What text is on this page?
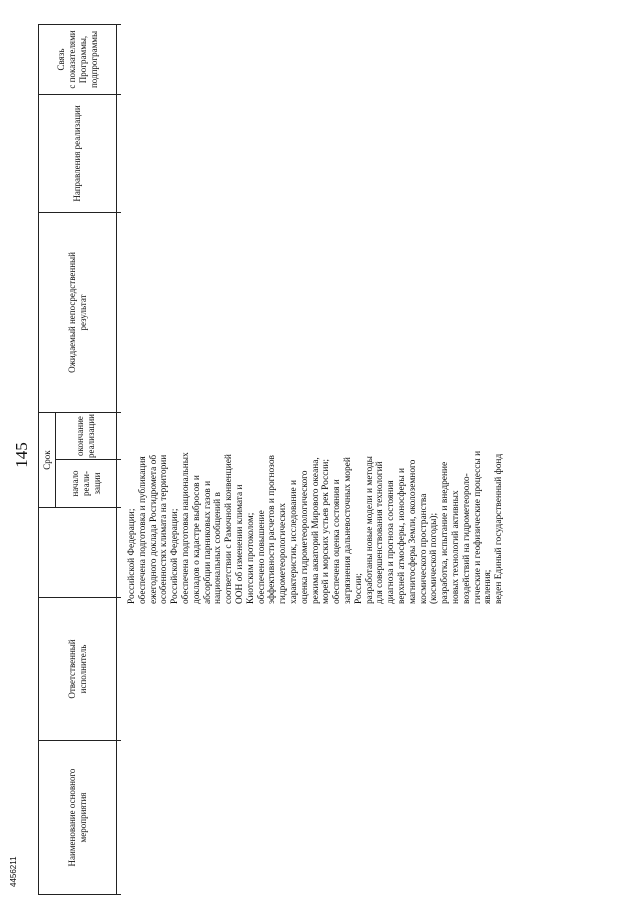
145
4456211
Наименование основного мероприятия
Ответственный исполнитель
Срок
начало реали- зации
окончание реализации
Ожидаемый непосредственный результат
Направления реализации
Связь с показателями Программы, подпрограммы
Российской Федерации; обеспечена подготовка и публикация ежегодного доклада Росгидромета об особенностях климата на территории Российской Федерации; обеспечена подготовка национальных докладов о кадастре выбросов и абсорбции парниковых газов и национальных сообщений в соответствии с Рамочной конвенцией ООН об изменении климата и Киотским протоколом; обеспечено повышение эффективности расчетов и прогнозов гидрометеорологических характеристик, исследование и оценка гидрометеорологического режима акваторий Мирового океана, морей и морских устьев рек России; обеспечена оценка состояния и загрязнения дальневосточных морей России; разработаны новые модели и методы для совершенствования технологий диагноза и прогноза состояния верхней атмосферы, ионосферы и магнитосферы Земли, околоземного космического пространства (космической погоды); разработка, испытание и внедрение новых технологий активных воздействий на гидрометеороло- гические и геофизические процессы и явления; веден Единый государственный фонд
